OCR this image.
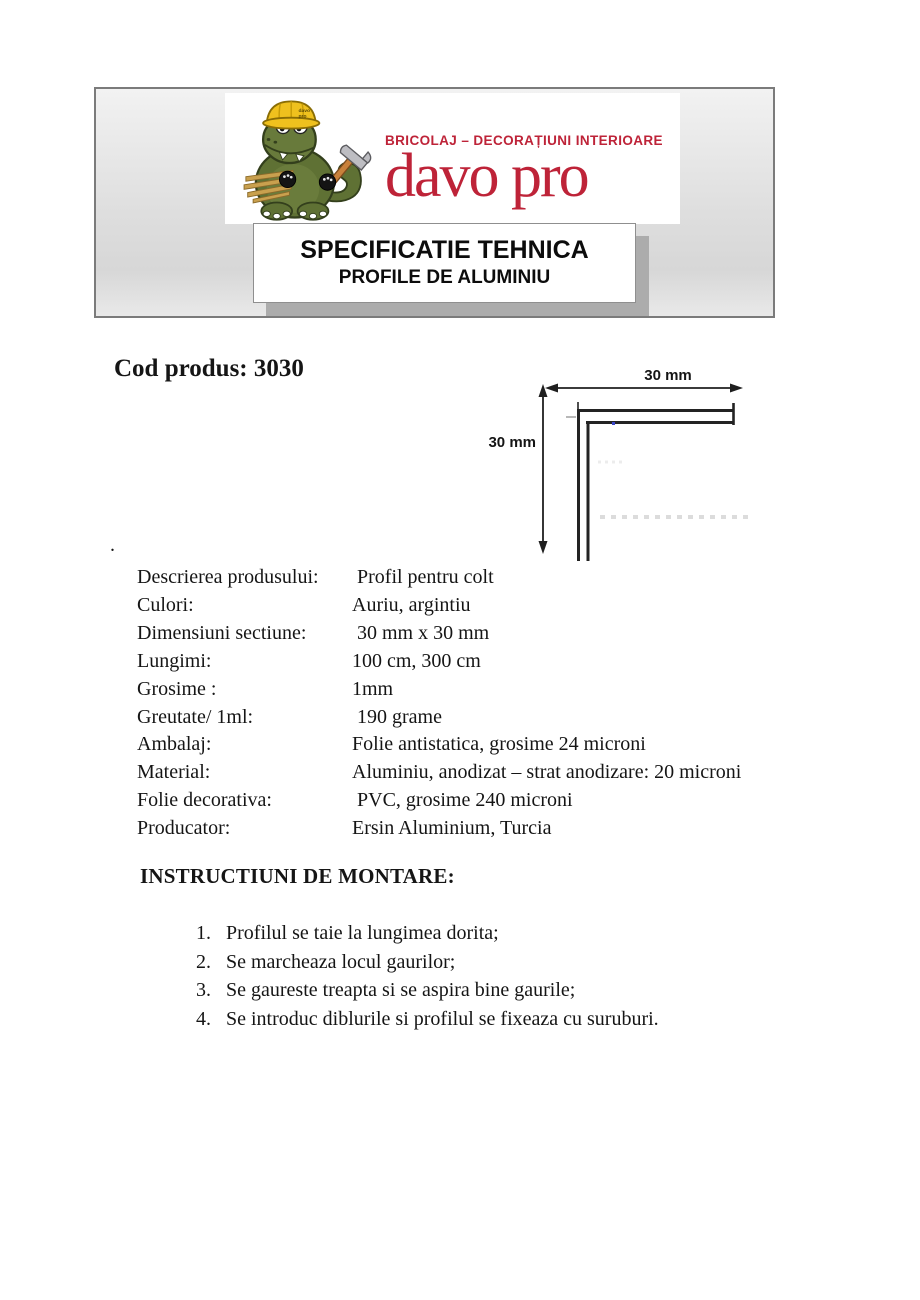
davo
pro
BRICOLAJ – DECORAȚIUNI INTERIOARE
davo pro
SPECIFICATIE TEHNICA
PROFILE DE ALUMINIU
Cod produs: 3030	30 mm
30 mm
.
Descrierea produsului:	Profil pentru colt
Culori:	Auriu, argintiu
Dimensiuni sectiune:	30 mm x 30 mm
Lungimi:	100 cm, 300 cm
Grosime :	1mm
Greutate/ 1ml:	190 grame
Ambalaj:	Folie antistatica, grosime 24 microni
Material:	Aluminiu, anodizat – strat anodizare: 20 microni
Folie decorativa:	PVC, grosime 240 microni
Producator:	Ersin Aluminium, Turcia
INSTRUCTIUNI DE MONTARE:
1. Profilul se taie la lungimea dorita;
2. Se marcheaza locul gaurilor;
3. Se gaureste treapta si se aspira bine gaurile;
4. Se introduc diblurile si profilul se fixeaza cu suruburi.
